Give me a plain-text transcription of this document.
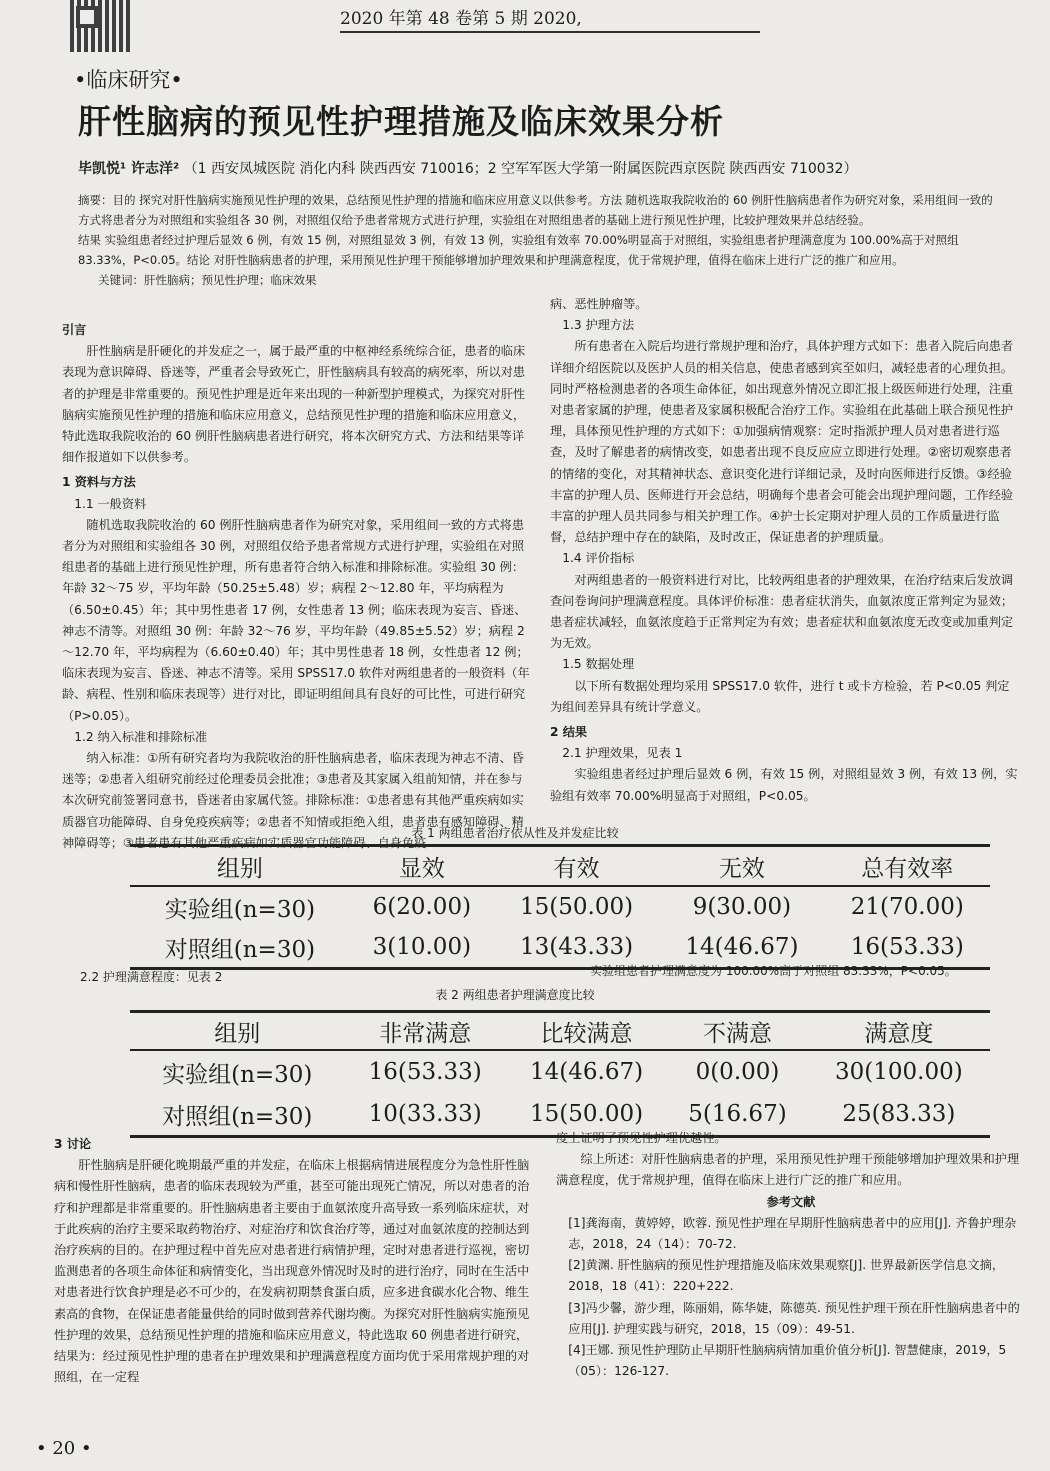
2020 年第 48 卷第 5 期 2020,
•临床研究•
肝性脑病的预见性护理措施及临床效果分析
毕凯悦¹ 许志洋² （1 西安凤城医院 消化内科 陕西西安 710016；2 空军军医大学第一附属医院西京医院 陕西西安 710032）

摘要：目的 探究对肝性脑病实施预见性护理的效果，总结预见性护理的措施和临床应用意义以供参考。方法 随机选取我院收治的 60 例肝性脑病患者作为研究对象，采用组间一致的方式将患者分为对照组和实验组各 30 例，对照组仅给予患者常规方式进行护理，实验组在对照组患者的基础上进行预见性护理，比较护理效果并总结经验。

结果 实验组患者经过护理后显效 6 例，有效 15 例，对照组显效 3 例，有效 13 例，实验组有效率 70.00%明显高于对照组，实验组患者护理满意度为 100.00%高于对照组 83.33%，P<0.05。结论 对肝性脑病患者的护理，采用预见性护理干预能够增加护理效果和护理满意程度，优于常规护理，值得在临床上进行广泛的推广和应用。

关键词：肝性脑病；预见性护理；临床效果

引言

肝性脑病是肝硬化的并发症之一，属于最严重的中枢神经系统综合征，患者的临床表现为意识障碍、昏迷等，严重者会导致死亡，肝性脑病具有较高的病死率，所以对患者的护理是非常重要的。预见性护理是近年来出现的一种新型护理模式，为探究对肝性脑病实施预见性护理的措施和临床应用意义，总结预见性护理的措施和临床应用意义，特此选取我院收治的 60 例肝性脑病患者进行研究，将本次研究方式、方法和结果等详细作报道如下以供参考。

1 资料与方法

1.1 一般资料

随机选取我院收治的 60 例肝性脑病患者作为研究对象，采用组间一致的方式将患者分为对照组和实验组各 30 例，对照组仅给予患者常规方式进行护理，实验组在对照组患者的基础上进行预见性护理，所有患者符合纳入标准和排除标准。实验组 30 例：年龄 32～75 岁，平均年龄（50.25±5.48）岁；病程 2～12.80 年，平均病程为（6.50±0.45）年；其中男性患者 17 例，女性患者 13 例；临床表现为妄言、昏迷、神志不清等。对照组 30 例：年龄 32～76 岁，平均年龄（49.85±5.52）岁；病程 2～12.70 年，平均病程为（6.60±0.40）年；其中男性患者 18 例，女性患者 12 例；临床表现为妄言、昏迷、神志不清等。采用 SPSS17.0 软件对两组患者的一般资料（年龄、病程、性别和临床表现等）进行对比，即证明组间具有良好的可比性，可进行研究（P>0.05）。

1.2 纳入标准和排除标准

纳入标准：①所有研究者均为我院收治的肝性脑病患者，临床表现为神志不清、昏迷等；②患者入组研究前经过伦理委员会批准；③患者及其家属入组前知情，并在参与本次研究前签署同意书，昏迷者由家属代签。排除标准：①患者患有其他严重疾病如实质器官功能障碍、自身免疫疾病等；②患者不知情或拒绝入组，患者患有感知障碍、精神障碍等；③患者患有其他严重疾病如实质器官功能障碍、自身免疫

病、恶性肿瘤等。

1.3 护理方法

所有患者在入院后均进行常规护理和治疗，具体护理方式如下：患者入院后向患者详细介绍医院以及医护人员的相关信息，使患者感到宾至如归，减轻患者的心理负担。同时严格检测患者的各项生命体征，如出现意外情况立即汇报上级医师进行处理，注重对患者家属的护理，使患者及家属积极配合治疗工作。实验组在此基础上联合预见性护理，具体预见性护理的方式如下：①加强病情观察：定时指派护理人员对患者进行巡查，及时了解患者的病情改变，如患者出现不良反应应立即进行处理。②密切观察患者的情绪的变化，对其精神状态、意识变化进行详细记录，及时向医师进行反馈。③经验丰富的护理人员、医师进行开会总结，明确每个患者会可能会出现护理问题，工作经验丰富的护理人员共同参与相关护理工作。④护士长定期对护理人员的工作质量进行监督，总结护理中存在的缺陷，及时改正，保证患者的护理质量。

1.4 评价指标

对两组患者的一般资料进行对比，比较两组患者的护理效果，在治疗结束后发放调查问卷询问护理满意程度。具体评价标准：患者症状消失，血氨浓度正常判定为显效；患者症状减轻，血氨浓度趋于正常判定为有效；患者症状和血氨浓度无改变或加重判定为无效。

1.5 数据处理

以下所有数据处理均采用 SPSS17.0 软件，进行 t 或卡方检验，若 P<0.05 判定为组间差异具有统计学意义。

2 结果

2.1 护理效果，见表 1

实验组患者经过护理后显效 6 例，有效 15 例，对照组显效 3 例，有效 13 例，实验组有效率 70.00%明显高于对照组，P<0.05。

表 1 两组患者治疗依从性及并发症比较
组别	显效	有效	无效	总有效率
实验组(n=30)	6(20.00)	15(50.00)	9(30.00)	21(70.00)
对照组(n=30)	3(10.00)	13(43.33)	14(46.67)	16(53.33)
2.2 护理满意程度：见表 2	实验组患者护理满意度为 100.00%高于对照组 83.33%，P<0.05。
表 2 两组患者护理满意度比较
组别	非常满意	比较满意	不满意	满意度
实验组(n=30)	16(53.33)	14(46.67)	0(0.00)	30(100.00)
对照组(n=30)	10(33.33)	15(50.00)	5(16.67)	25(83.33)

3 讨论

肝性脑病是肝硬化晚期最严重的并发症，在临床上根据病情进展程度分为急性肝性脑病和慢性肝性脑病，患者的临床表现较为严重，甚至可能出现死亡情况，所以对患者的治疗和护理都是非常重要的。肝性脑病患者主要由于血氨浓度升高导致一系列临床症状，对于此疾病的治疗主要采取药物治疗、对症治疗和饮食治疗等，通过对血氨浓度的控制达到治疗疾病的目的。在护理过程中首先应对患者进行病情护理，定时对患者进行巡视，密切监测患者的各项生命体征和病情变化，当出现意外情况时及时的进行治疗，同时在生活中对患者进行饮食护理是必不可少的，在发病初期禁食蛋白质，应多进食碳水化合物、维生素高的食物，在保证患者能量供给的同时做到营养代谢均衡。为探究对肝性脑病实施预见性护理的效果，总结预见性护理的措施和临床应用意义，特此选取 60 例患者进行研究，结果为：经过预见性护理的患者在护理效果和护理满意程度方面均优于采用常规护理的对照组，在一定程

度上证明了预见性护理优越性。

综上所述：对肝性脑病患者的护理，采用预见性护理干预能够增加护理效果和护理满意程度，优于常规护理，值得在临床上进行广泛的推广和应用。

参考文献

[1]龚海南，黄婷婷，欧蓉. 预见性护理在早期肝性脑病患者中的应用[J]. 齐鲁护理杂志，2018，24（14）：70-72.

[2]黄渊. 肝性脑病的预见性护理措施及临床效果观察[J]. 世界最新医学信息文摘，2018，18（41）：220+222.

[3]冯少馨，游少理，陈丽娟，陈华婕，陈德英. 预见性护理干预在肝性脑病患者中的应用[J]. 护理实践与研究，2018，15（09）：49-51.

[4]王娜. 预见性护理防止早期肝性脑病病情加重价值分析[J]. 智慧健康，2019，5（05）：126-127.

• 20 •
